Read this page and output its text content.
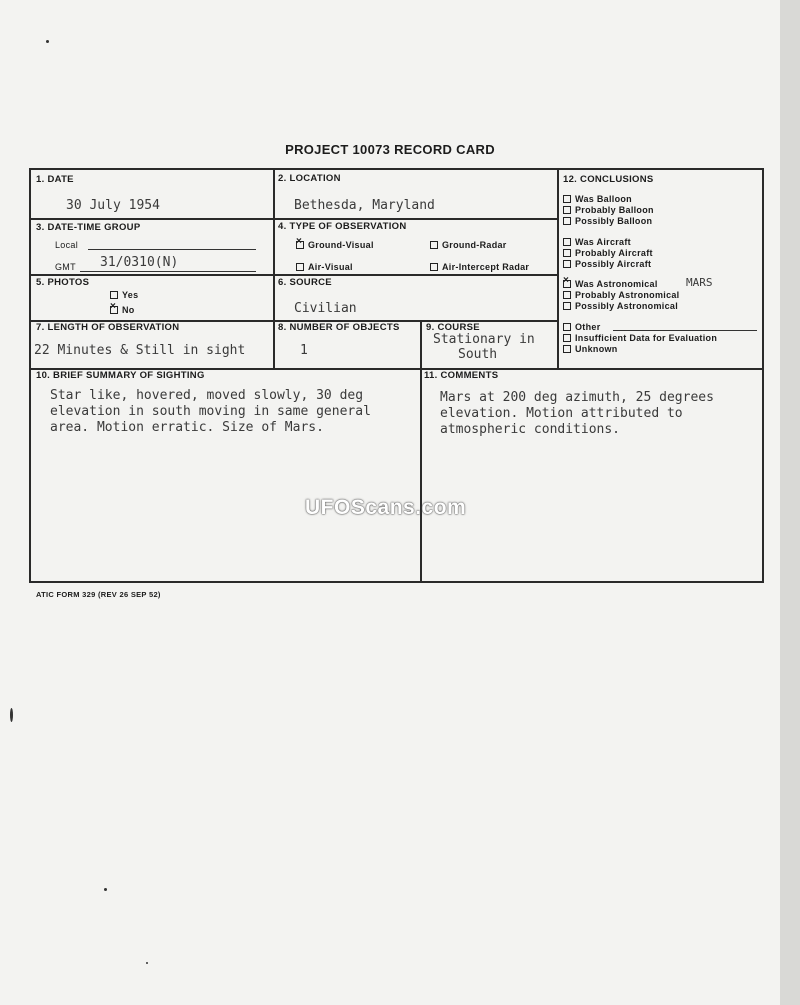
PROJECT 10073 RECORD CARD
1. DATE
30 July 1954
2. LOCATION
Bethesda, Maryland
3. DATE-TIME GROUP
Local
GMT 31/0310(N)
4. TYPE OF OBSERVATION
×Ground-Visual	Ground-Radar
Air-Visual	Air-Intercept Radar
5. PHOTOS
Yes
×No
6. SOURCE
Civilian
7. LENGTH OF OBSERVATION
22 Minutes & Still in sight
8. NUMBER OF OBJECTS
1
9. COURSE
Stationary in
South
10. BRIEF SUMMARY OF SIGHTING
Star like, hovered, moved slowly, 30 deg
elevation in south moving in same general
area. Motion erratic. Size of Mars.
11. COMMENTS
Mars at 200 deg azimuth, 25 degrees
elevation. Motion attributed to
atmospheric conditions.
12. CONCLUSIONS
Was Balloon
Probably Balloon
Possibly Balloon
Was Aircraft
Probably Aircraft
Possibly Aircraft
×Was Astronomical	MARS
Probably Astronomical
Possibly Astronomical
Other
Insufficient Data for Evaluation
Unknown
UFOScans.com
ATIC FORM 329 (REV 26 SEP 52)
